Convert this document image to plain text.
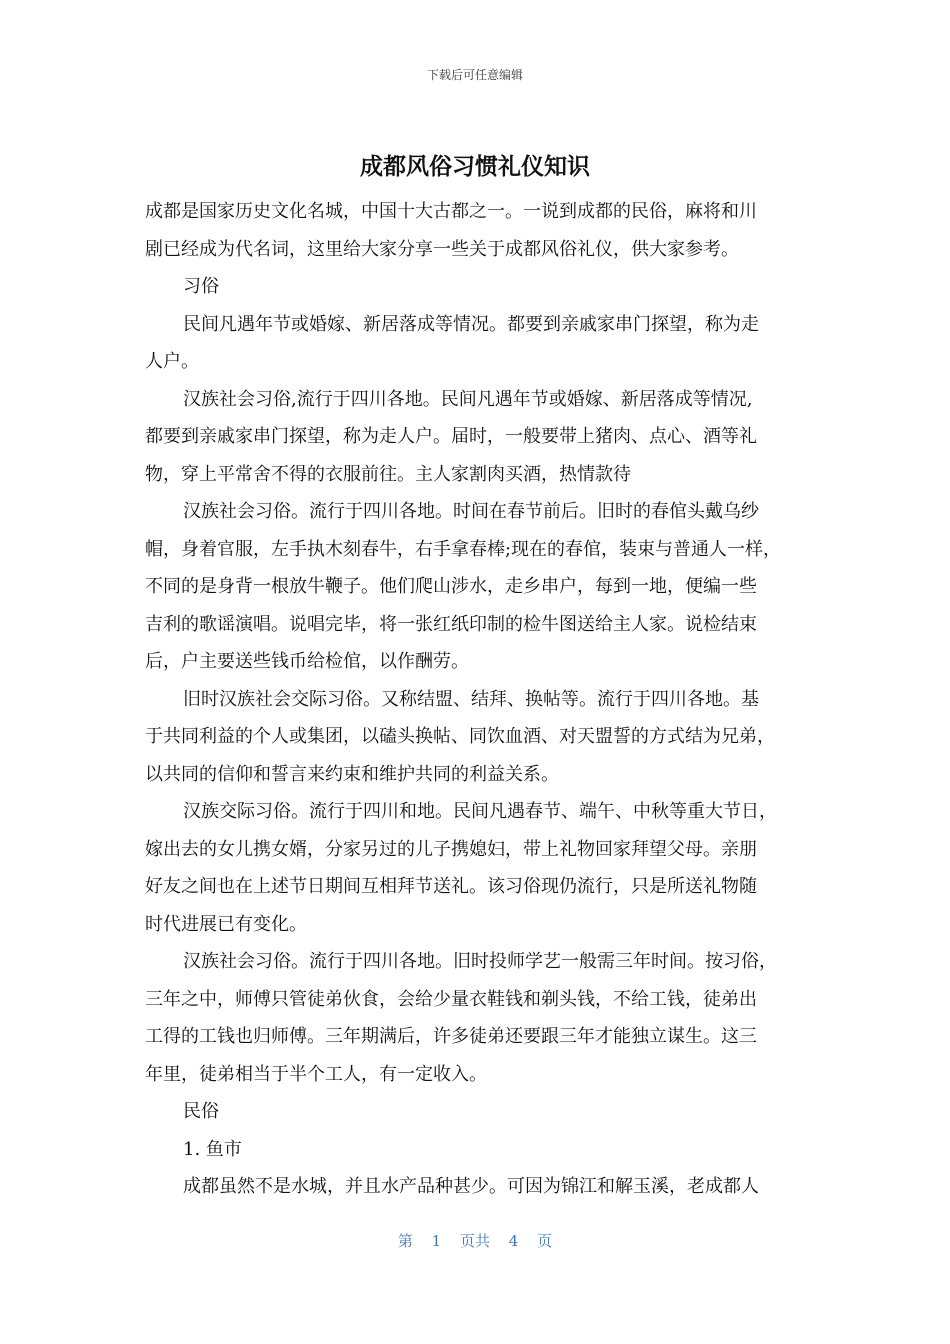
下载后可任意编辑
成都风俗习惯礼仪知识
成都是国家历史文化名城，中国十大古都之一。一说到成都的民俗，麻将和川
剧已经成为代名词，这里给大家分享一些关于成都风俗礼仪，供大家参考。
习俗
民间凡遇年节或婚嫁、新居落成等情况。都要到亲戚家串门探望，称为走
人户。
汉族社会习俗,流行于四川各地。民间凡遇年节或婚嫁、新居落成等情况,
都要到亲戚家串门探望，称为走人户。届时，一般要带上猪肉、点心、酒等礼
物，穿上平常舍不得的衣服前往。主人家割肉买酒，热情款待
汉族社会习俗。流行于四川各地。时间在春节前后。旧时的春倌头戴乌纱
帽，身着官服，左手执木刻春牛，右手拿春棒;现在的春倌，装束与普通人一样，
不同的是身背一根放牛鞭子。他们爬山涉水，走乡串户，每到一地，便编一些
吉利的歌谣演唱。说唱完毕，将一张红纸印制的检牛图送给主人家。说检结束
后，户主要送些钱币给检倌，以作酬劳。
旧时汉族社会交际习俗。又称结盟、结拜、换帖等。流行于四川各地。基
于共同利益的个人或集团，以磕头换帖、同饮血酒、对天盟誓的方式结为兄弟，
以共同的信仰和誓言来约束和维护共同的利益关系。
汉族交际习俗。流行于四川和地。民间凡遇春节、端午、中秋等重大节日，
嫁出去的女儿携女婿，分家另过的儿子携媳妇，带上礼物回家拜望父母。亲朋
好友之间也在上述节日期间互相拜节送礼。该习俗现仍流行，只是所送礼物随
时代进展已有变化。
汉族社会习俗。流行于四川各地。旧时投师学艺一般需三年时间。按习俗，
三年之中，师傅只管徒弟伙食，会给少量衣鞋钱和剃头钱，不给工钱，徒弟出
工得的工钱也归师傅。三年期满后，许多徒弟还要跟三年才能独立谋生。这三
年里，徒弟相当于半个工人，有一定收入。
民俗
1. 鱼市
成都虽然不是水城，并且水产品种甚少。可因为锦江和解玉溪，老成都人
第 1 页共 4 页
